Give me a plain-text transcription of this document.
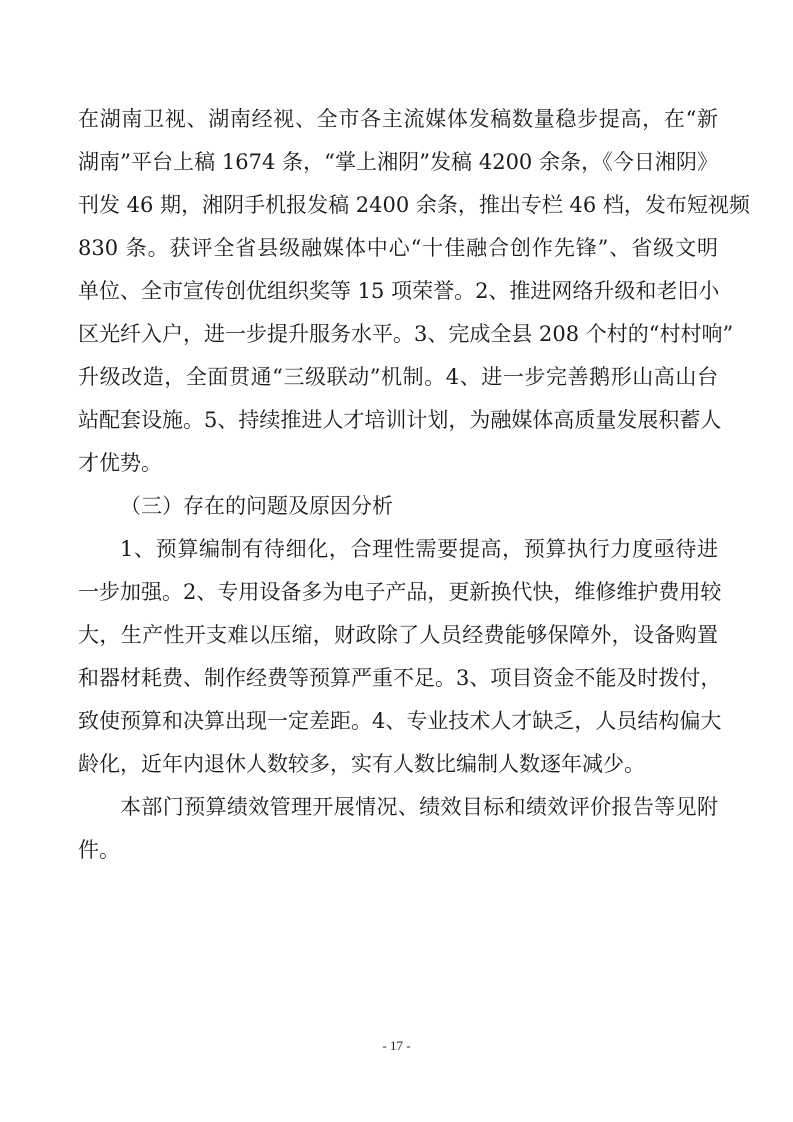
在湖南卫视、湖南经视、全市各主流媒体发稿数量稳步提高，在“新
湖南”平台上稿 1674 条，“掌上湘阴”发稿 4200 余条，《今日湘阴》
刊发 46 期，湘阴手机报发稿 2400 余条，推出专栏 46 档，发布短视频
830 条。获评全省县级融媒体中心“十佳融合创作先锋”、省级文明
单位、全市宣传创优组织奖等 15 项荣誉。2、推进网络升级和老旧小
区光纤入户，进一步提升服务水平。3、完成全县 208 个村的“村村响”
升级改造，全面贯通“三级联动”机制。4、进一步完善鹅形山高山台
站配套设施。5、持续推进人才培训计划，为融媒体高质量发展积蓄人
才优势。
（三）存在的问题及原因分析
1、预算编制有待细化，合理性需要提高，预算执行力度亟待进
一步加强。2、专用设备多为电子产品，更新换代快，维修维护费用较
大，生产性开支难以压缩，财政除了人员经费能够保障外，设备购置
和器材耗费、制作经费等预算严重不足。3、项目资金不能及时拨付，
致使预算和决算出现一定差距。4、专业技术人才缺乏，人员结构偏大
龄化，近年内退休人数较多，实有人数比编制人数逐年减少。
本部门预算绩效管理开展情况、绩效目标和绩效评价报告等见附
件。
- 17 -
